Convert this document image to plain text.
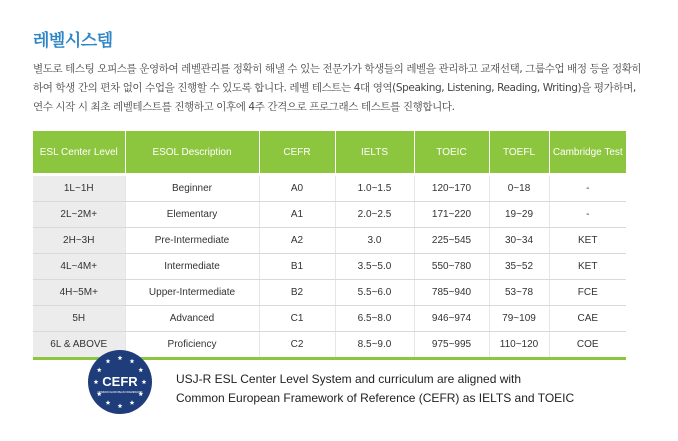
레벨시스템
별도로 테스팅 오피스를 운영하여 레벨관리를 정확히 해낼 수 있는 전문가가 학생들의 레벨을 관리하고 교재선택, 그룹수업 배정 등을 정확히
하여 학생 간의 편차 없이 수업을 진행할 수 있도록 합니다. 레벨 테스트는 4대 영역(Speaking, Listening, Reading, Writing)을 평가하며,
연수 시작 시 최초 레벨테스트를 진행하고 이후에 4주 간격으로 프로그래스 테스트를 진행합니다.
ESL Center Level	ESOL Description	CEFR	IELTS	TOEIC	TOEFL	Cambridge Test
1L~1H	Beginner	A0	1.0~1.5	120~170	0~18	-
2L~2M+	Elementary	A1	2.0~2.5	171~220	19~29	-
2H~3H	Pre-Intermediate	A2	3.0	225~545	30~34	KET
4L~4M+	Intermediate	B1	3.5~5.0	550~780	35~52	KET
4H~5M+	Upper-Intermediate	B2	5.5~6.0	785~940	53~78	FCE
5H	Advanced	C1	6.5~8.0	946~974	79~109	CAE
6L & ABOVE	Proficiency	C2	8.5~9.0	975~995	110~120	COE
CEFR
COMMON EUROPEAN FRAMEWORK
USJ-R ESL Center Level System and curriculum are aligned with
Common European Framework of Reference (CEFR) as IELTS and TOEIC
